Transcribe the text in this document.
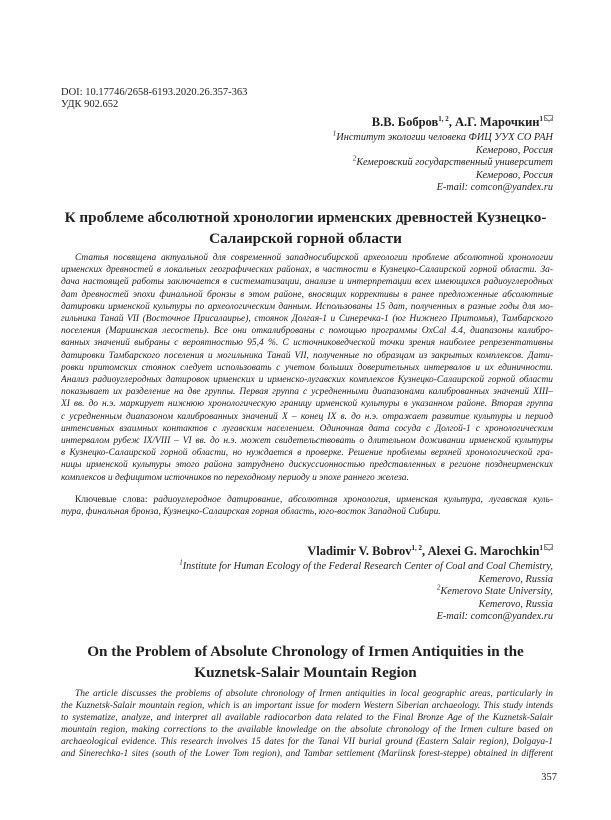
DOI: 10.17746/2658-6193.2020.26.357-363
УДК 902.652
В.В. Бобров$^{1, 2}$, А.Г. Марочкин$^1$
$^1$Институт экологии человека ФИЦ УУХ СО РАН
Кемерово, Россия
$^2$Кемеровский государственный университет
Кемерово, Россия
E-mail: comcon@yandex.ru
К проблеме абсолютной хронологии ирменских древностей Кузнецко-
Салаирской горной области
Статья посвящена актуальной для современной западносибирской археологии проблеме абсолютной хронологии
ирменских древностей в локальных географических районах, в частности в Кузнецко-Салаирской горной области. За-
дача настоящей работы заключается в систематизации, анализе и интерпретации всех имеющихся радиоуглеродных
дат древностей эпохи финальной бронзы в этом районе, вносящих коррективы в ранее предложенные абсолютные
датировки ирменской культуры по археологическим данным. Использованы 15 дат, полученных в разные годы для мо-
гильника Танай VII (Восточное Присалаирье), стоянок Долгая-1 и Синеречка-1 (юг Нижнего Притомья), Тамбарского
поселения (Мариинская лесостепь). Все они откалиброваны с помощью программы OxCal 4.4, диапазоны калибро-
ванных значений выбраны с вероятностью 95,4 %. С источниковедческой точки зрения наиболее репрезентативны
датировки Тамбарского поселения и могильника Танай VII, полученные по образцам из закрытых комплексов. Дати-
ровки притомских стоянок следует использовать с учетом больших доверительных интервалов и их единичности.
Анализ радиоуглеродных датировок ирменских и ирменско-лугавских комплексов Кузнецко-Салаирской горной области
показывает их разделение на две группы. Первая группа с усредненными диапазонами калиброванных значений XIII–
XI вв. до н.э. маркирует нижнюю хронологическую границу ирменской культуры в указанном районе. Вторая группа
с усредненным диапазоном калиброванных значений X – конец IX в. до н.э. отражает развитие культуры и период
интенсивных взаимных контактов с лугавским населением. Одиночная дата сосуда с Долгой-1 с хронологическим
интервалом рубеж IX/VIII – VI вв. до н.э. может свидетельствовать о длительном доживании ирменской культуры
в Кузнецко-Салаирской горной области, но нуждается в проверке. Решение проблемы верхней хронологической гра-
ницы ирменской культуры этого района затруднено дискуссионностью представленных в регионе позднеирменских
комплексов и дефицитом источников по переходному периоду и эпохе раннего железа.
Ключевые слова: радиоуглеродное датирование, абсолютная хронология, ирменская культура, лугавская куль-
тура, финальная бронза, Кузнецко-Салаирская горная область, юго-восток Западной Сибири.
Vladimir V. Bobrov$^{1, 2}$, Alexei G. Marochkin$^1$
$^1$Institute for Human Ecology of the Federal Research Center of Coal and Coal Chemistry,
Kemerovo, Russia
$^2$Kemerovo State University,
Kemerovo, Russia
E-mail: comcon@yandex.ru
On the Problem of Absolute Chronology of Irmen Antiquities in the
Kuznetsk-Salair Mountain Region
The article discusses the problems of absolute chronology of Irmen antiquities in local geographic areas, particularly in
the Kuznetsk-Salair mountain region, which is an important issue for modern Western Siberian archaeology. This study intends
to systematize, analyze, and interpret all available radiocarbon data related to the Final Bronze Age of the Kuznetsk-Salair
mountain region, making corrections to the available knowledge on the absolute chronology of the Irmen culture based on
archaeological evidence. This research involves 15 dates for the Tanai VII burial ground (Eastern Salair region), Dolgaya-1
and Sinerechka-1 sites (south of the Lower Tom region), and Tambar settlement (Mariinsk forest-steppe) obtained in different
357
